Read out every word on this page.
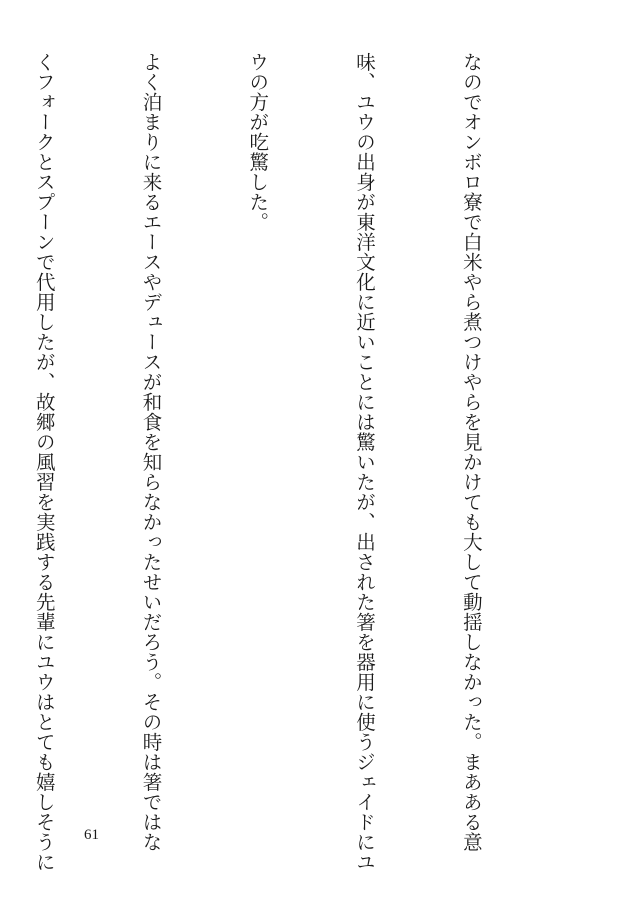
なのでオンボロ寮で白米やら煮つけやらを見かけても大して動揺しなかった。まあある意

味、ユウの出身が東洋文化に近いことには驚いたが、出された箸を器用に使うジェイドにユ

ウの方が吃驚した。

よく泊まりに来るエースやデュースが和食を知らなかったせいだろう。その時は箸ではな

くフォークとスプーンで代用したが、故郷の風習を実践する先輩にユウはとても嬉しそうに

	61
